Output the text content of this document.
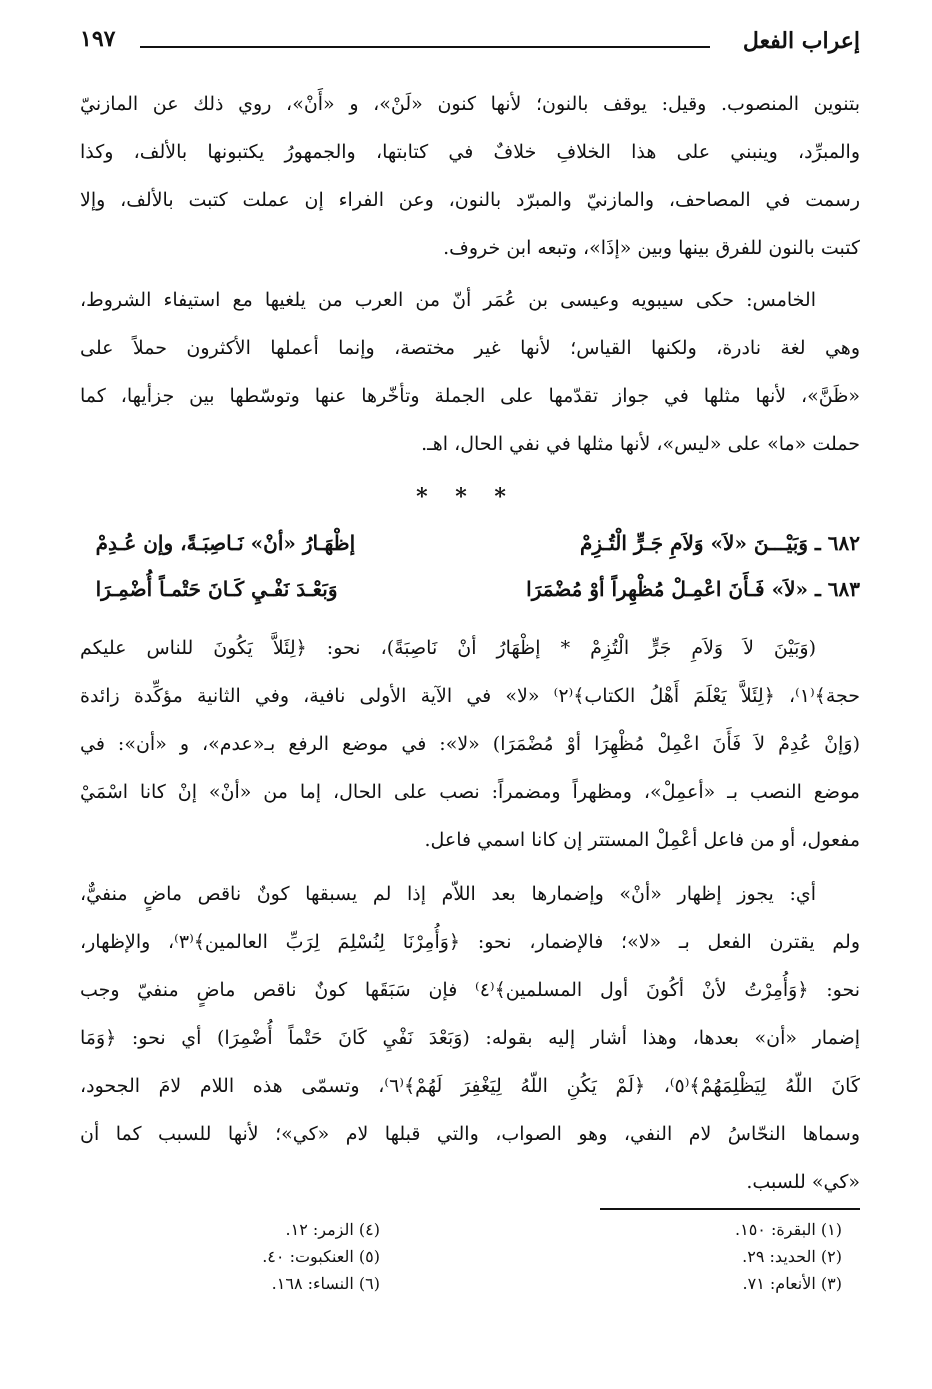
إعراب الفعل
١٩٧
بتنوين المنصوب. وقيل: يوقف بالنون؛ لأنها كنون «لَنْ»، و «أَنْ»، روي ذلك عن المازنيّ
والمبرِّد، وينبني على هذا الخلافِ خلافٌ في كتابتها، والجمهورُ يكتبونها بالألف، وكذا
رسمت في المصاحف، والمازنيّ والمبرّد بالنون، وعن الفراء إن عملت كتبت بالألف، وإلا
كتبت بالنون للفرق بينها وبين «إذَا»، وتبعه ابن خروف.
الخامس: حكى سيبويه وعيسى بن عُمَر أنّ من العرب من يلغيها مع استيفاء الشروط،
وهي لغة نادرة، ولكنها القياس؛ لأنها غير مختصة، وإنما أعملها الأكثرون حملاً على
«ظَنَّ»، لأنها مثلها في جواز تقدّمها على الجملة وتأخّرها عنها وتوسّطها بين جزأيها، كما
حملت «ما» على «ليس»، لأنها مثلها في نفي الحال، اهـ.
* * *
٦٨٢ ـ وَبَيْـــنَ «لاَ» وَلاَمِ جَـرٍّ الْتُـزِمْإظْهَـارُ «أنْ» نَـاصِبَـةً، وإن عُـدِمْ
٦٨٣ ـ «لاَ» فَـأَنَ اعْمِـلْ مُظْهِراً أوْ مُضْمَرَاوَبَعْـدَ نَفْـيِ كَـانَ حَتْمـاً أُضْمِـرَا
(وَبَيْنَ لاَ وَلاَمِ جَرٍّ الْتُزِمْ * إظْهَارُ أنْ نَاصِبَةً)، نحو: ﴿لِئَلاَّ يَكُونَ للناس عليكم
حجة﴾⁽١⁾، ﴿لِئَلاَّ يَعْلَمَ أَهْلُ الكتاب﴾⁽٢⁾ «لا» في الآية الأولى نافية، وفي الثانية مؤكِّدة زائدة
(وَإنْ عُدِمْ لاَ فَأَنَ اعْمِلْ مُظْهِرَا أوْ مُضْمَرَا) «لا»: في موضع الرفع بـ«عدم»، و «أن»: في
موضع النصب بـ «أعمِلْ»، ومظهراً ومضمراً: نصب على الحال، إما من «أنْ» إنْ كانا اسْمَيْ
مفعول، أو من فاعل أعْمِلْ المستتر إن كانا اسمي فاعل.
أي: يجوز إظهار «أنْ» وإضمارها بعد اللاّم إذا لم يسبقها كونٌ ناقص ماضٍ منفيٌّ،
ولم يقترن الفعل بـ «لا»؛ فالإضمار، نحو: ﴿وَأُمِرْنَا لِنُسْلِمَ لِرَبِّ العالمين﴾⁽٣⁾، والإظهار،
نحو: ﴿وَأُمِرْتُ لأنْ أكُونَ أول المسلمين﴾⁽٤⁾ فإن سَبَقَها كونٌ ناقص ماضٍ منفيّ وجب
إضمار «أن» بعدها، وهذا أشار إليه بقوله: (وَبَعْدَ نَفْيِ كَانَ حَتْماً أُضْمِرَا) أي نحو: ﴿وَمَا
كَانَ اللّهُ لِيَظْلِمَهُمْ﴾⁽٥⁾، ﴿لَمْ يَكُنِ اللّهُ لِيَغْفِرَ لَهُمْ﴾⁽٦⁾، وتسمّى هذه اللام لامَ الجحود،
وسماها النحّاسُ لام النفي، وهو الصواب، والتي قبلها لام «كي»؛ لأنها للسبب كما أن
«كي» للسبب.
(١) البقرة: ١٥٠.
(٢) الحديد: ٢٩.
(٣) الأنعام: ٧١.
(٤) الزمر: ١٢.
(٥) العنكبوت: ٤٠.
(٦) النساء: ١٦٨.
